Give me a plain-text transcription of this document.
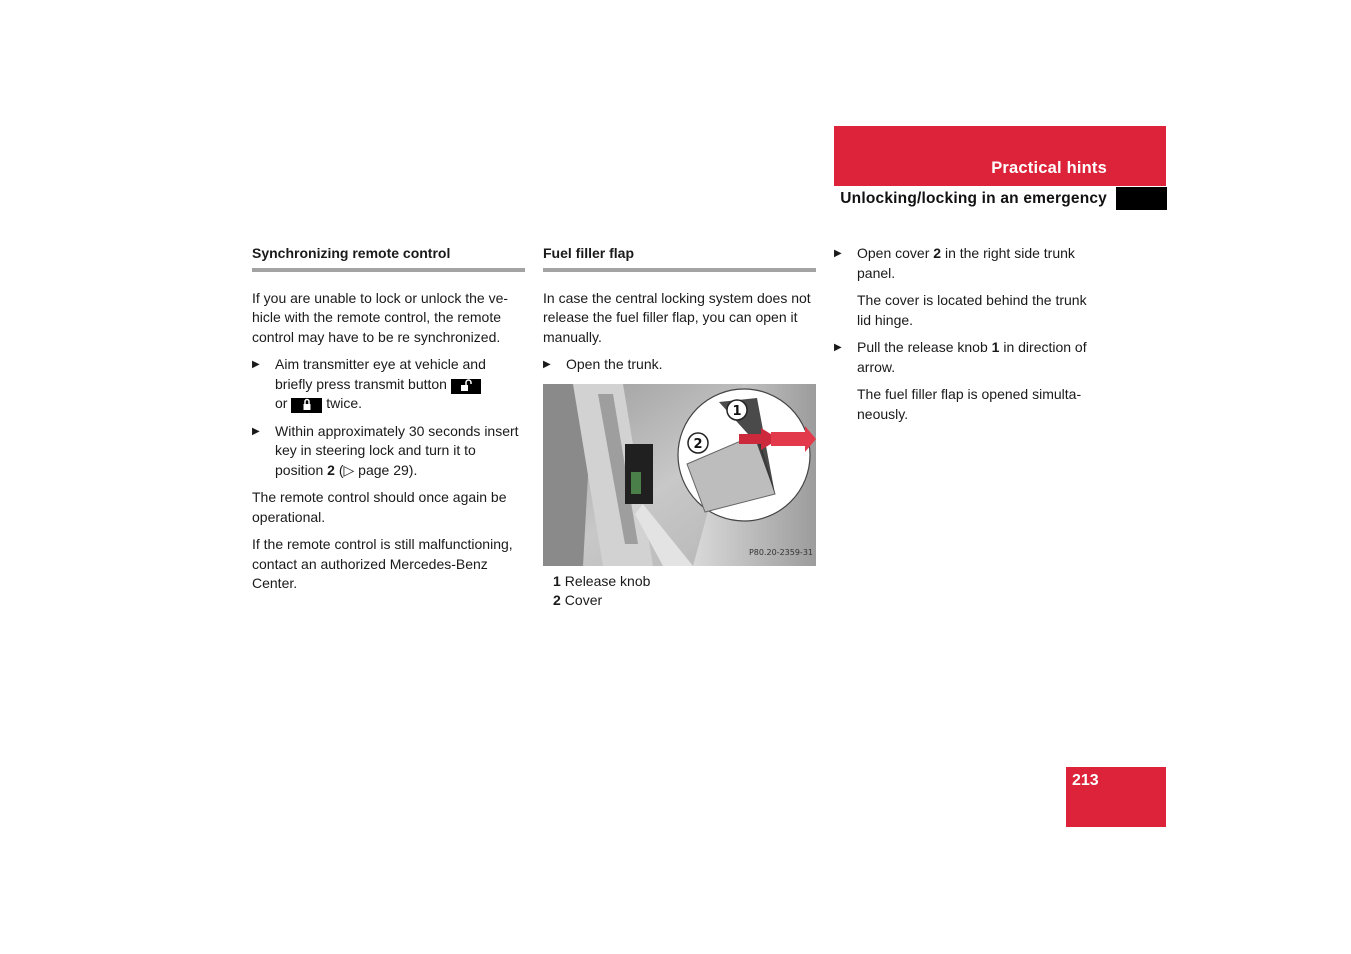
Practical hints
Unlocking/locking in an emergency
Synchronizing remote control

If you are unable to lock or unlock the ve-hicle with the remote control, the remote control may have to be re synchronized.

▶ Aim transmitter eye at vehicle and briefly press transmit button
or	twice.
▶ Within approximately 30 seconds insert key in steering lock and turn it to position 2 (▷ page 29).

The remote control should once again be operational.

If the remote control is still malfunctioning, contact an authorized Mercedes-Benz Center.

Fuel filler flap

In case the central locking system does not release the fuel filler flap, you can open it manually.

▶ Open the trunk.
1
2
P80.20-2359-31
1 Release knob
2 Cover
▶ Open cover 2 in the right side trunk panel.

The cover is located behind the trunk lid hinge.

▶ Pull the release knob 1 in direction of arrow.

The fuel filler flap is opened simulta-neously.

213
